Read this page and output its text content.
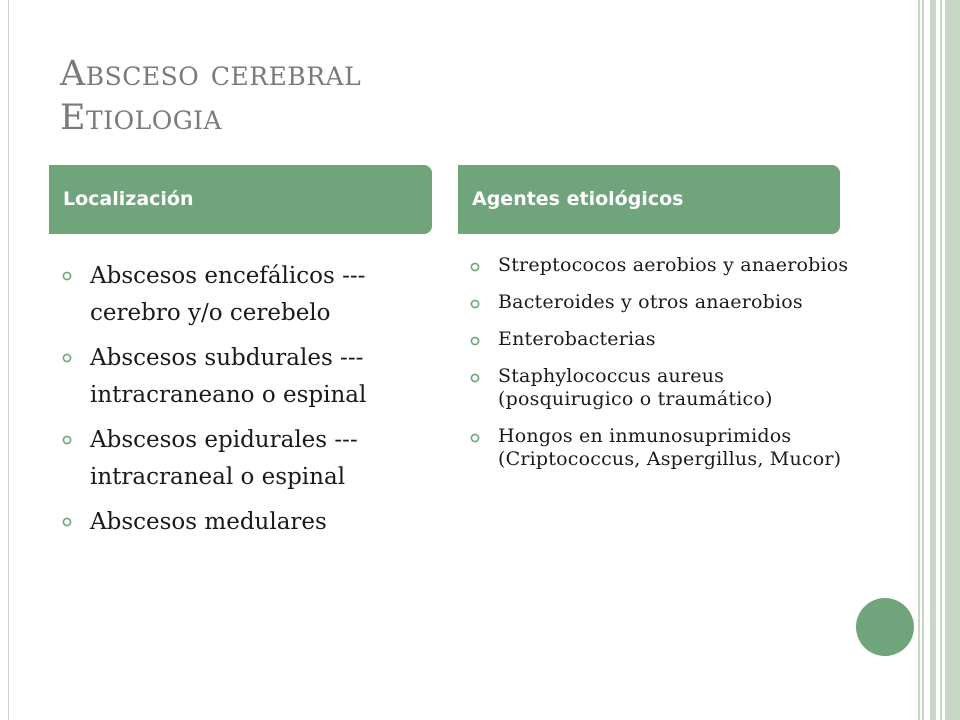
Absceso cerebral
Etiologia
Localización	Agentes etiológicos
Abscesos encefálicos --- cerebro y/o cerebelo
Abscesos subdurales --- intracraneano o espinal
Abscesos epidurales --- intracraneal o espinal
Abscesos medulares
Streptococos aerobios y anaerobios
Bacteroides y otros anaerobios
Enterobacterias
Staphylococcus aureus (posquirugico o traumático)
Hongos en inmunosuprimidos (Criptococcus, Aspergillus, Mucor)
